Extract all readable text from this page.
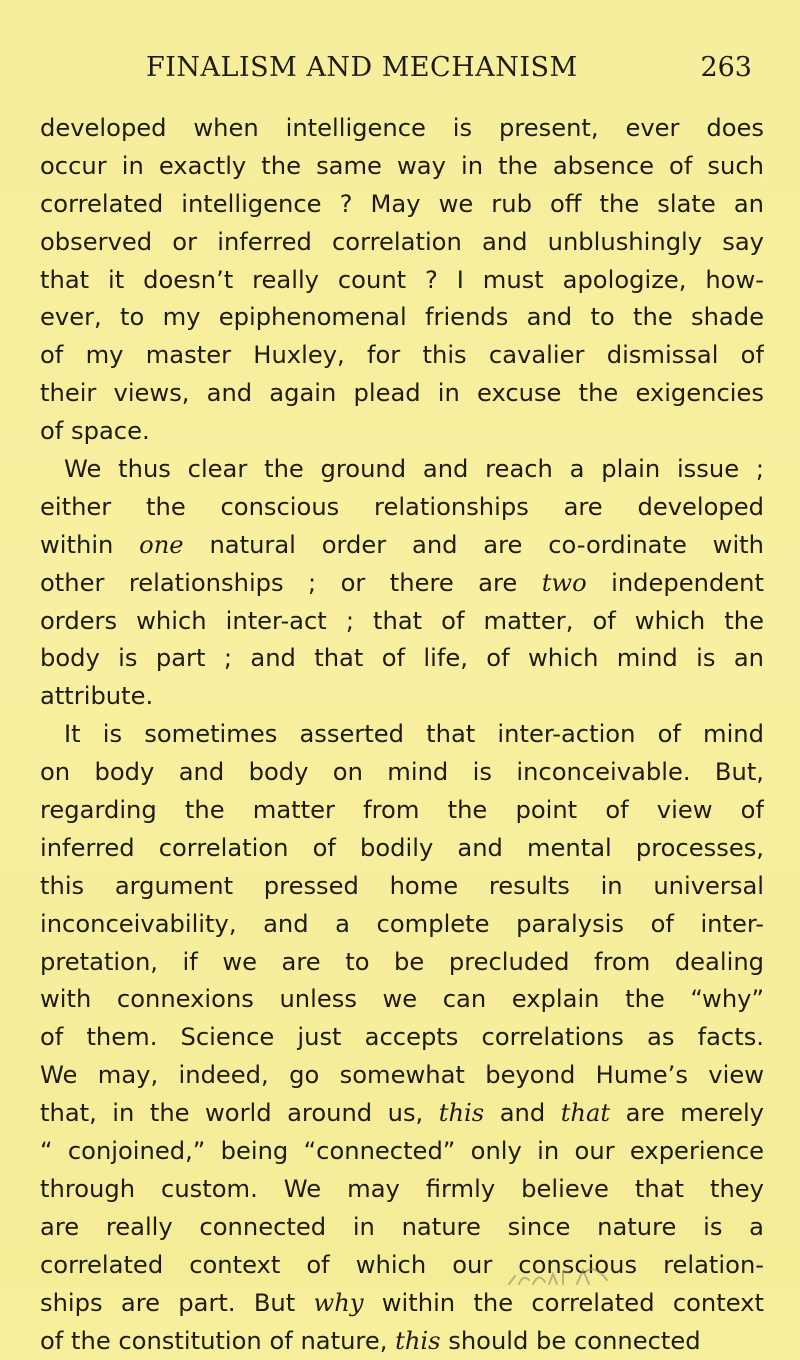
FINALISM AND MECHANISM	263
developed when intelligence is present, ever does
occur in exactly the same way in the absence of such
correlated intelligence ? May we rub off the slate an
observed or inferred correlation and unblushingly say
that it doesn’t really count ? I must apologize, how-
ever, to my epiphenomenal friends and to the shade
of my master Huxley, for this cavalier dismissal of
their views, and again plead in excuse the exigencies
of space.
We thus clear the ground and reach a plain issue ;
either the conscious relationships are developed
within one natural order and are co-ordinate with
other relationships ; or there are two independent
orders which inter-act ; that of matter, of which the
body is part ; and that of life, of which mind is an
attribute.
It is sometimes asserted that inter-action of mind
on body and body on mind is inconceivable. But,
regarding the matter from the point of view of
inferred correlation of bodily and mental processes,
this argument pressed home results in universal
inconceivability, and a complete paralysis of inter-
pretation, if we are to be precluded from dealing
with connexions unless we can explain the “why”
of them. Science just accepts correlations as facts.
We may, indeed, go somewhat beyond Hume’s view
that, in the world around us, this and that are merely
“ conjoined,” being “connected” only in our experience
through custom. We may firmly believe that they
are really connected in nature since nature is a
correlated context of which our conscious relation-
ships are part. But why within the correlated context
of the constitution of nature, this should be connected
